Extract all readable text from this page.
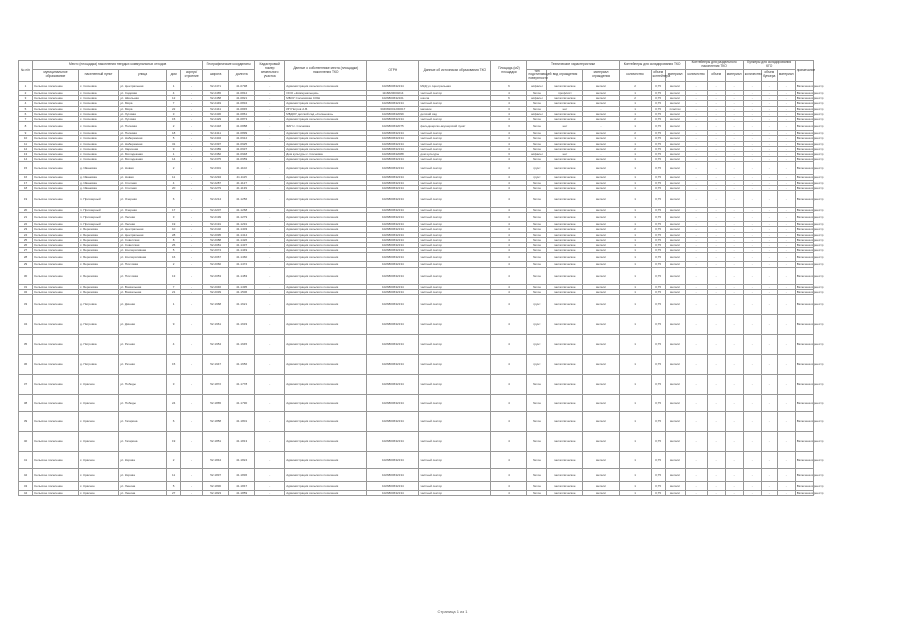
№ п/п	Место (площадка) накопления твердых коммунальных отходов					Географические координаты		Кадастровый номер земельного участка	Данные о собственнике места (площадки) накопления ТКО	ОГРН	Данные об источниках образования ТКО	Площадь (м2) площадки	Технические характеристики			Контейнеры для складирования ТКО			Контейнеры для раздельного накопления ТКО			Бункеры для складирования КГО			примечание
	муниципальное образование	населенный пункт	улица	дом	корпус/строение	широта	долгота						тип подстилающей поверхности	вид ограждения	материал ограждения	количество	объем контейнера	материал	количество	объем	материал	количество	объем бункера	материал	
1	Сельское поселение	с. Сосновка	ул. Центральная	1	-	52.2471	41.0798	-	Администрация сельского поселения	1026800632134	МКД ул. Центральная	6	асфальт	металлическое	металл	2	0,75	металл	-	-	-	-	-	-	Включена в реестр
2	Сельское поселение	с. Сосновка	ул. Садовая	4	-	52.2465	41.0812	-	ООО «Коммунальщик»	1116820000214	частный сектор	4	бетон	профлист	металл	1	0,75	металл	-	-	-	-	-	-	Включена в реестр
3	Сельское поселение	с. Сосновка	ул. Школьная	12	-	52.2458	41.0821	-	МБОУ Сосновская СОШ	1026800632101	школа	6	асфальт	металлическое	металл	2	0,75	металл	-	-	-	-	-	-	Включена в реестр
4	Сельское поселение	с. Сосновка	ул. Мира	7	-	52.2449	41.0834	-	Администрация сельского поселения	1026800632134	частный сектор	4	бетон	металлическое	металл	1	0,75	металл	-	-	-	-	-	-	Включена в реестр
5	Сельское поселение	с. Сосновка	ул. Мира	22	-	52.2441	41.0845	-	ИП Петров А.В.	304682001200017	магазин	3	бетон	нет	-	1	0,75	пластик	-	-	-	-	-	-	Включена в реестр
6	Сельское поселение	с. Сосновка	ул. Луговая	3	-	52.2436	41.0861	-	МБДОУ детский сад «Солнышко»	1026800632099	детский сад	4	асфальт	металлическое	металл	1	0,75	металл	-	-	-	-	-	-	Включена в реестр
7	Сельское поселение	с. Сосновка	ул. Луговая	15	-	52.2429	41.0873	-	Администрация сельского поселения	1026800632134	частный сектор	4	бетон	металлическое	металл	2	0,75	металл	-	-	-	-	-	-	Включена в реестр
8	Сельское поселение	с. Сосновка	ул. Полевая	2	-	52.2418	41.0888	-	ФАП с. Сосновка	1026800632075	фельдшерско-акушерский пункт	3	бетон	нет	-	1	0,75	металл	-	-	-	-	-	-	Включена в реестр
9	Сельское поселение	с. Сосновка	ул. Полевая	18	-	52.2411	41.0899	-	Администрация сельского поселения	1026800632134	частный сектор	4	бетон	металлическое	металл	2	0,75	металл	-	-	-	-	-	-	Включена в реестр
10	Сельское поселение	с. Сосновка	ул. Набережная	5	-	52.2404	41.0912	-	Администрация сельского поселения	1026800632134	частный сектор	4	бетон	металлическое	металл	1	0,75	металл	-	-	-	-	-	-	Включена в реестр
11	Сельское поселение	с. Сосновка	ул. Набережная	31	-	52.2397	41.0925	-	Администрация сельского поселения	1026800632134	частный сектор	4	бетон	металлическое	металл	1	0,75	металл	-	-	-	-	-	-	Включена в реестр
12	Сельское поселение	с. Сосновка	ул. Заречная	9	-	52.2389	41.0937	-	Администрация сельского поселения	1026800632134	частный сектор	4	бетон	металлическое	металл	2	0,75	металл	-	-	-	-	-	-	Включена в реестр
13	Сельское поселение	с. Сосновка	ул. Молодежная	1	-	52.2382	41.0948	-	Дом культуры с. Сосновка	1026800632088	дом культуры	3	асфальт	нет	-	1	0,75	металл	-	-	-	-	-	-	Включена в реестр
14	Сельское поселение	с. Сосновка	ул. Молодежная	14	-	52.2375	41.0959	-	Администрация сельского поселения	1026800632134	частный сектор	4	бетон	металлическое	металл	1	0,75	металл	-	-	-	-	-	-	Включена в реестр
15	Сельское поселение	д. Ивановка	ул. Новая	2	-	52.2301	41.1102	-	Администрация сельского поселения	1026800632134	частный сектор	4	грунт	металлическое	металл	1	0,75	металл	-	-	-	-	-	-	Включена в реестр
16	Сельское поселение	д. Ивановка	ул. Новая	11	-	52.2294	41.1115	-	Администрация сельского поселения	1026800632134	частный сектор	4	грунт	металлическое	металл	1	0,75	металл	-	-	-	-	-	-	Включена в реестр
17	Сельское поселение	д. Ивановка	ул. Степная	4	-	52.2287	41.1127	-	Администрация сельского поселения	1026800632134	частный сектор	4	бетон	металлическое	металл	1	0,75	металл	-	-	-	-	-	-	Включена в реестр
18	Сельское поселение	д. Ивановка	ул. Степная	20	-	52.2279	41.1139	-	Администрация сельского поселения	1026800632134	частный сектор	4	бетон	металлическое	металл	1	0,75	металл	-	-	-	-	-	-	Включена в реестр
19	Сельское поселение	п. Приозерный	ул. Озерная	6	-	52.2214	41.1256	-	Администрация сельского поселения	1026800632134	частный сектор	4	бетон	металлическое	металл	1	0,75	металл	-	-	-	-	-	-	Включена в реестр
20	Сельское поселение	п. Приозерный	ул. Озерная	17	-	52.2207	41.1268	-	Администрация сельского поселения	1026800632134	частный сектор	4	бетон	металлическое	металл	1	0,75	металл	-	-	-	-	-	-	Включена в реестр
21	Сельское поселение	п. Приозерный	ул. Лесная	3	-	52.2199	41.1279	-	Администрация сельского поселения	1026800632134	частный сектор	4	бетон	металлическое	металл	1	0,75	металл	-	-	-	-	-	-	Включена в реестр
22	Сельское поселение	п. Приозерный	ул. Лесная	19	-	52.2191	41.1291	-	Администрация сельского поселения	1026800632134	частный сектор	4	бетон	металлическое	металл	1	0,75	металл	-	-	-	-	-	-	Включена в реестр
23	Сельское поселение	с. Березовка	ул. Центральная	10	-	52.2102	41.1403	-	Администрация сельского поселения	1026800632134	частный сектор	4	бетон	металлическое	металл	2	0,75	металл	-	-	-	-	-	-	Включена в реестр
24	Сельское поселение	с. Березовка	ул. Центральная	28	-	52.2095	41.1414	-	Администрация сельского поселения	1026800632134	частный сектор	4	бетон	металлическое	металл	1	0,75	металл	-	-	-	-	-	-	Включена в реестр
25	Сельское поселение	с. Березовка	ул. Советская	8	-	52.2088	41.1426	-	Администрация сельского поселения	1026800632134	частный сектор	4	бетон	металлическое	металл	1	0,75	металл	-	-	-	-	-	-	Включена в реестр
26	Сельское поселение	с. Березовка	ул. Советская	25	-	52.2081	41.1437	-	Администрация сельского поселения	1026800632134	частный сектор	4	бетон	металлическое	металл	1	0,75	металл	-	-	-	-	-	-	Включена в реестр
27	Сельское поселение	с. Березовка	ул. Кооперативная	5	-	52.2074	41.1449	-	Администрация сельского поселения	1026800632134	частный сектор	4	бетон	металлическое	металл	1	0,75	металл	-	-	-	-	-	-	Включена в реестр
28	Сельское поселение	с. Березовка	ул. Кооперативная	16	-	52.2067	41.1460	-	Администрация сельского поселения	1026800632134	частный сектор	4	бетон	металлическое	металл	1	0,75	металл	-	-	-	-	-	-	Включена в реестр
29	Сельское поселение	с. Березовка	ул. Почтовая	2	-	52.2060	41.1472	-	Администрация сельского поселения	1026800632134	частный сектор	4	бетон	металлическое	металл	1	0,75	металл	-	-	-	-	-	-	Включена в реестр
30	Сельское поселение	с. Березовка	ул. Почтовая	13	-	52.2053	41.1483	-	Администрация сельского поселения	1026800632134	частный сектор	4	бетон	металлическое	металл	1	0,75	металл	-	-	-	-	-	-	Включена в реестр
31	Сельское поселение	с. Березовка	ул. Вокзальная	7	-	52.2046	41.1495	-	Администрация сельского поселения	1026800632134	частный сектор	4	бетон	металлическое	металл	1	0,75	металл	-	-	-	-	-	-	Включена в реестр
32	Сельское поселение	с. Березовка	ул. Вокзальная	21	-	52.2039	41.1506	-	Администрация сельского поселения	1026800632134	частный сектор	4	бетон	металлическое	металл	1	0,75	металл	-	-	-	-	-	-	Включена в реестр
33	Сельское поселение	д. Петровка	ул. Дачная	1	-	52.1968	41.1621	-	Администрация сельского поселения	1026800632134	частный сектор	4	грунт	металлическое	металл	1	0,75	металл	-	-	-	-	-	-	Включена в реестр
34	Сельское поселение	д. Петровка	ул. Дачная	9	-	52.1961	41.1633	-	Администрация сельского поселения	1026800632134	частный сектор	4	грунт	металлическое	металл	1	0,75	металл	-	-	-	-	-	-	Включена в реестр
35	Сельское поселение	д. Петровка	ул. Речная	4	-	52.1954	41.1645	-	Администрация сельского поселения	1026800632134	частный сектор	4	грунт	металлическое	металл	1	0,75	металл	-	-	-	-	-	-	Включена в реестр
36	Сельское поселение	д. Петровка	ул. Речная	15	-	52.1947	41.1656	-	Администрация сельского поселения	1026800632134	частный сектор	4	грунт	металлическое	металл	1	0,75	металл	-	-	-	-	-	-	Включена в реестр
37	Сельское поселение	с. Красное	ул. Победы	3	-	52.1872	41.1778	-	Администрация сельского поселения	1026800632134	частный сектор	4	бетон	металлическое	металл	1	0,75	металл	-	-	-	-	-	-	Включена в реестр
38	Сельское поселение	с. Красное	ул. Победы	24	-	52.1865	41.1790	-	Администрация сельского поселения	1026800632134	частный сектор	4	бетон	металлическое	металл	1	0,75	металл	-	-	-	-	-	-	Включена в реестр
39	Сельское поселение	с. Красное	ул. Гагарина	6	-	52.1858	41.1801	-	Администрация сельского поселения	1026800632134	частный сектор	4	бетон	металлическое	металл	1	0,75	металл	-	-	-	-	-	-	Включена в реестр
40	Сельское поселение	с. Красное	ул. Гагарина	19	-	52.1851	41.1813	-	Администрация сельского поселения	1026800632134	частный сектор	4	бетон	металлическое	металл	1	0,75	металл	-	-	-	-	-	-	Включена в реестр
41	Сельское поселение	с. Красное	ул. Кирова	2	-	52.1844	41.1824	-	Администрация сельского поселения	1026800632134	частный сектор	4	бетон	металлическое	металл	1	0,75	металл	-	-	-	-	-	-	Включена в реестр
42	Сельское поселение	с. Красное	ул. Кирова	11	-	52.1837	41.1836	-	Администрация сельского поселения	1026800632134	частный сектор	4	бетон	металлическое	металл	1	0,75	металл	-	-	-	-	-	-	Включена в реестр
43	Сельское поселение	с. Красное	ул. Ленина	5	-	52.1830	41.1847	-	Администрация сельского поселения	1026800632134	частный сектор	4	бетон	металлическое	металл	1	0,75	металл	-	-	-	-	-	-	Включена в реестр
44	Сельское поселение	с. Красное	ул. Ленина	27	-	52.1823	41.1859	-	Администрация сельского поселения	1026800632134	частный сектор	4	бетон	металлическое	металл	1	0,75	металл	-	-	-	-	-	-	Включена в реестр
Страница 1 из 1
